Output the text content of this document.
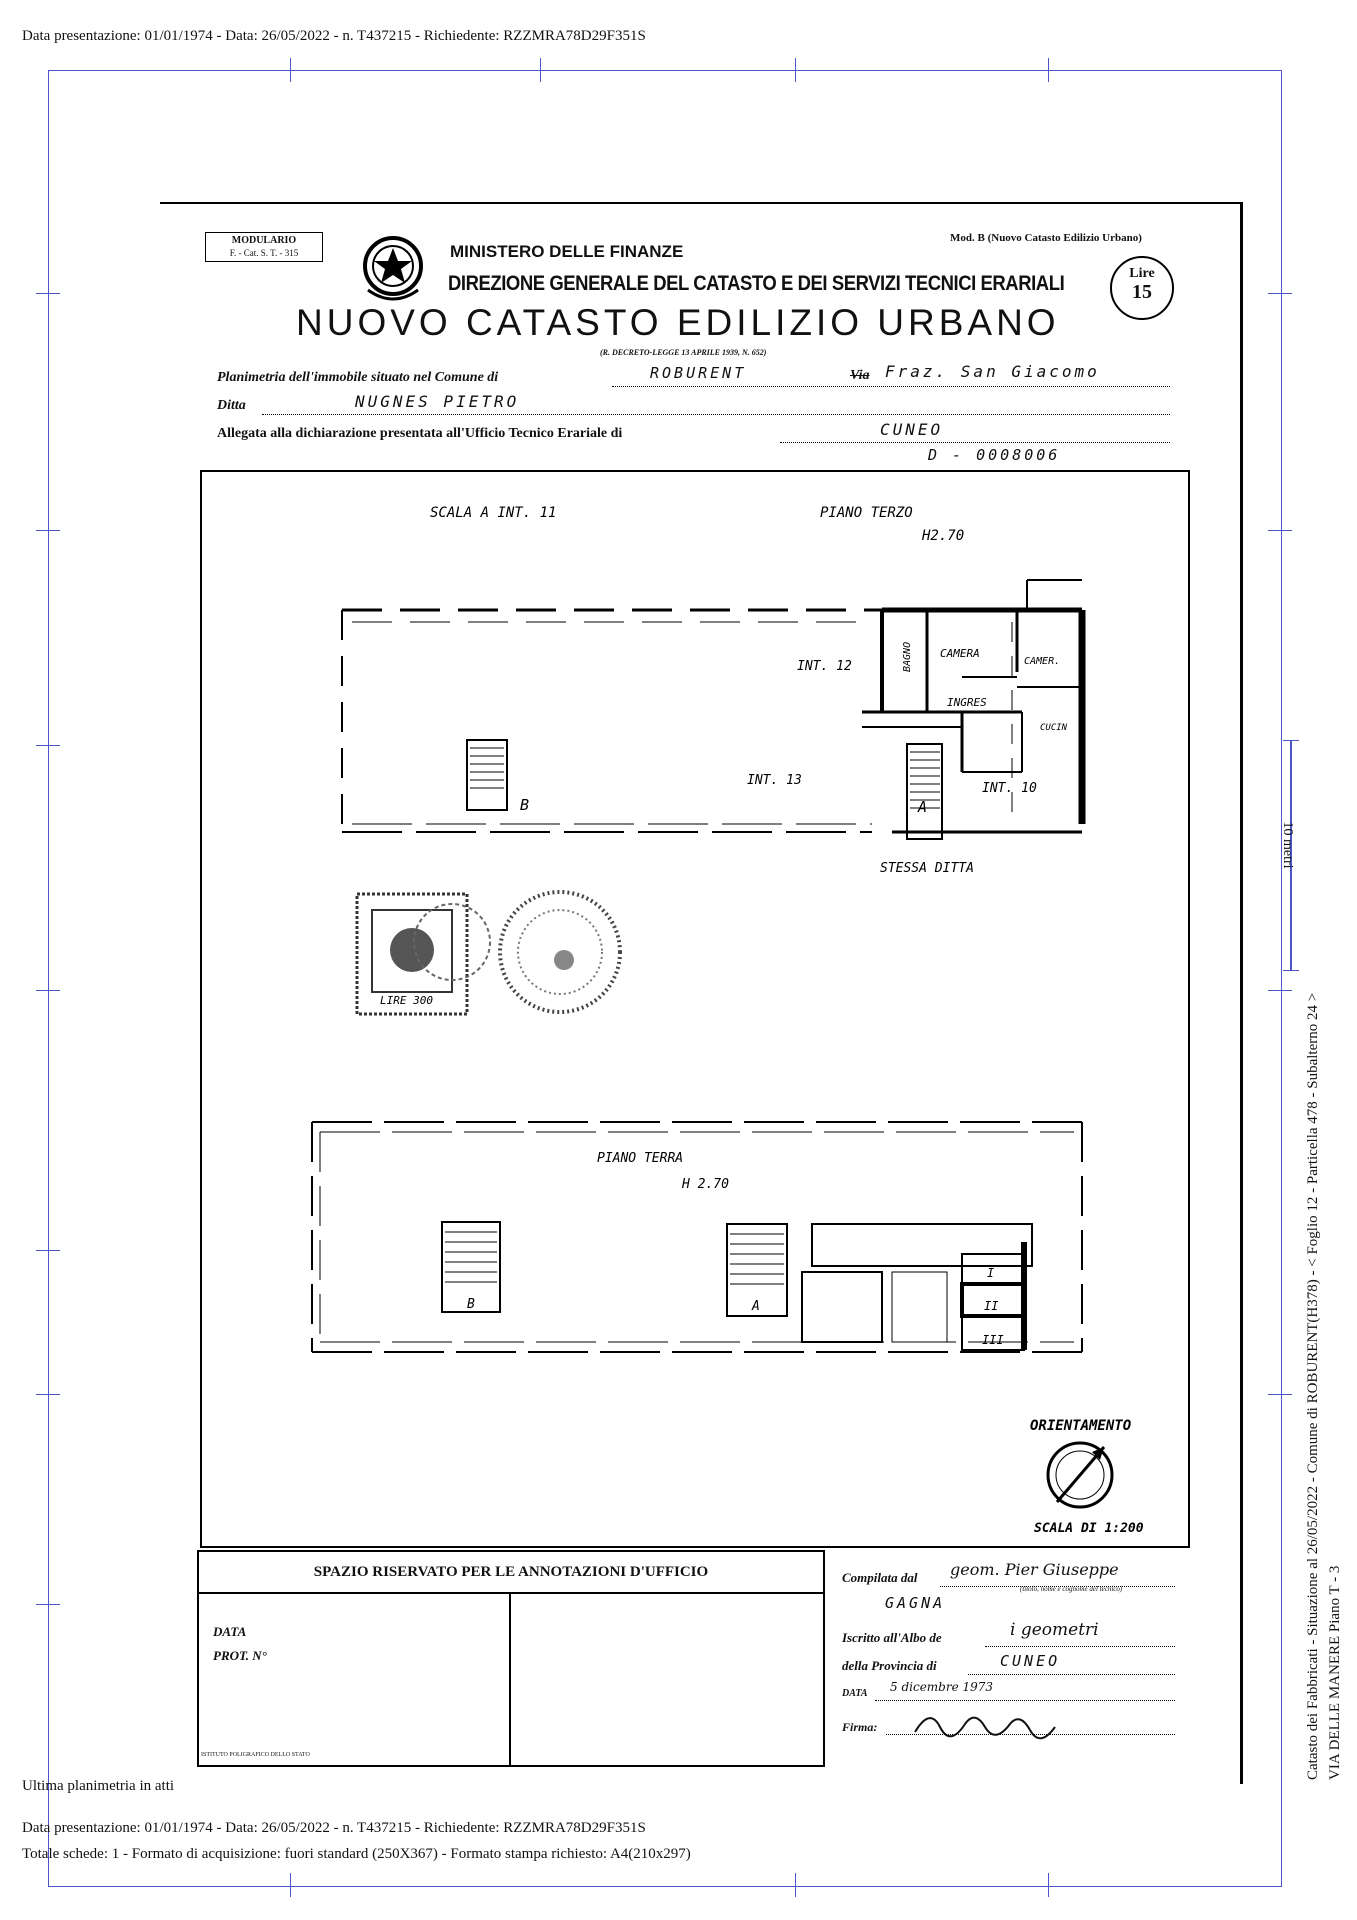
Data presentazione: 01/01/1974 - Data: 26/05/2022 - n. T437215 - Richiedente: RZZMRA78D29F351S
10 metri
Catasto dei Fabbricati - Situazione al 26/05/2022 - Comune di ROBURENT(H378) - < Foglio 12 - Particella 478 - Subalterno 24 > VIA DELLE MANERE Piano T - 3
MODULARIO
F. - Cat. S. T. - 315
Mod. B (Nuovo Catasto Edilizio Urbano)
MINISTERO DELLE FINANZE
DIREZIONE GENERALE DEL CATASTO E DEI SERVIZI TECNICI ERARIALI	Lire
15
NUOVO CATASTO EDILIZIO URBANO
(R. DECRETO-LEGGE 13 APRILE 1939, N. 652)
Planimetria dell'immobile situato nel Comune di	ROBURENT	Via Fraz. San Giacomo
Ditta	NUGNES PIETRO
Allegata alla dichiarazione presentata all'Ufficio Tecnico Erariale di	CUNEO
D - 0008006
SCALA A INT. 11	PIANO TERZO
H2.70
INT. 12
INT. 13
INT. 10
BAGNO CAMERA
CAMER.
INGRES
CUCIN
A
B
STESSA DITTA
LIRE 300
PIANO TERRA
H 2.70
B	A
I
II
III
ORIENTAMENTO
SCALA DI 1:200
SPAZIO RISERVATO PER LE ANNOTAZIONI D'UFFICIO
DATA
PROT. N°
ISTITUTO POLIGRAFICO DELLO STATO
Compilata dal geom. Pier Giuseppe
(titolo, nome e cognome del tecnico)
GAGNA
Iscritto all'Albo de	i geometri
della Provincia di	CUNEO
DATA 5 dicembre 1973
Firma:
Ultima planimetria in atti
Data presentazione: 01/01/1974 - Data: 26/05/2022 - n. T437215 - Richiedente: RZZMRA78D29F351S
Totale schede: 1 - Formato di acquisizione: fuori standard (250X367) - Formato stampa richiesto: A4(210x297)
